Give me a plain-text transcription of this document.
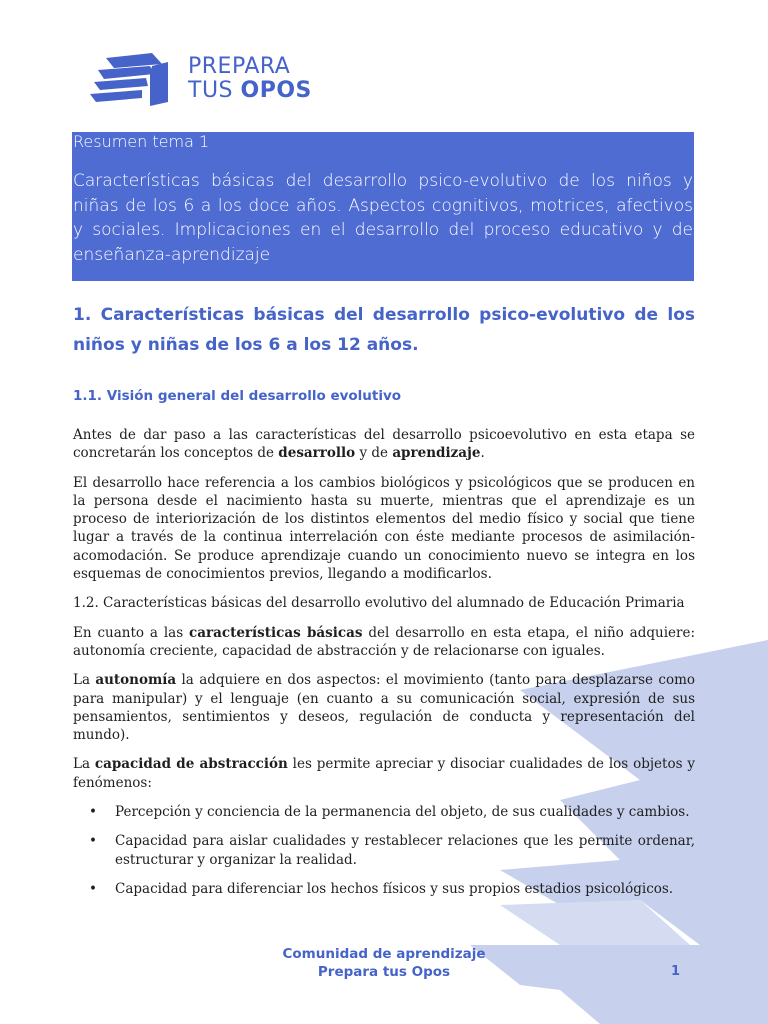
PREPARA
TUS OPOS
Resumen tema 1
Características básicas del desarrollo psico-evolutivo de los niños y niñas de los 6 a los doce años. Aspectos cognitivos, motrices, afectivos y sociales. Implicaciones en el desarrollo del proceso educativo y de enseñanza-aprendizaje
1. Características básicas del desarrollo psico-evolutivo de los niños y niñas de los 6 a los 12 años.
1.1. Visión general del desarrollo evolutivo

Antes de dar paso a las características del desarrollo psicoevolutivo en esta etapa se concretarán los conceptos de desarrollo y de aprendizaje.

El desarrollo hace referencia a los cambios biológicos y psicológicos que se producen en la persona desde el nacimiento hasta su muerte, mientras que el aprendizaje es un proceso de interiorización de los distintos elementos del medio físico y social que tiene lugar a través de la continua interrelación con éste mediante procesos de asimilación-acomodación. Se produce aprendizaje cuando un conocimiento nuevo se integra en los esquemas de conocimientos previos, llegando a modificarlos.

1.2. Características básicas del desarrollo evolutivo del alumnado de Educación Primaria

En cuanto a las características básicas del desarrollo en esta etapa, el niño adquiere: autonomía creciente, capacidad de abstracción y de relacionarse con iguales.

La autonomía la adquiere en dos aspectos: el movimiento (tanto para desplazarse como para manipular) y el lenguaje (en cuanto a su comunicación social, expresión de sus pensamientos, sentimientos y deseos, regulación de conducta y representación del mundo).

La capacidad de abstracción les permite apreciar y disociar cualidades de los objetos y fenómenos:

• Percepción y conciencia de la permanencia del objeto, de sus cualidades y cambios.
• Capacidad para aislar cualidades y restablecer relaciones que les permite ordenar, estructurar y organizar la realidad.
• Capacidad para diferenciar los hechos físicos y sus propios estadios psicológicos.
Comunidad de aprendizaje
Prepara tus Opos	1
